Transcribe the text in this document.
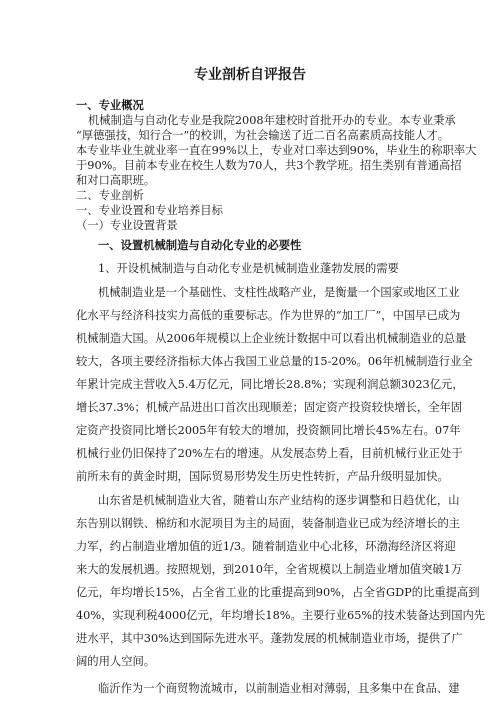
专业剖析自评报告
一、专业概况
机械制造与自动化专业是我院2008年建校时首批开办的专业。本专业秉承
“厚德强技，知行合一”的校训，为社会输送了近二百名高素质高技能人才。
本专业毕业生就业率一直在99%以上，专业对口率达到90%，毕业生的称职率大
于90%。目前本专业在校生人数为70人，共3个教学班。招生类别有普通高招
和对口高职班。
二、专业剖析
一、专业设置和专业培养目标
（一）专业设置背景
一、设置机械制造与自动化专业的必要性
1、开设机械制造与自动化专业是机械制造业蓬勃发展的需要
机械制造业是一个基础性、支柱性战略产业，是衡量一个国家或地区工业
化水平与经济科技实力高低的重要标志。作为世界的“加工厂”，中国早已成为
机械制造大国。从2006年规模以上企业统计数据中可以看出机械制造业的总量
较大，各项主要经济指标大体占我国工业总量的15-20%。06年机械制造行业全
年累计完成主营收入5.4万亿元，同比增长28.8%；实现利润总额3023亿元，
增长37.3%；机械产品进出口首次出现顺差；固定资产投资较快增长，全年固
定资产投资同比增长2005年有较大的增加，投资额同比增长45%左右。07年
机械行业仍旧保持了20%左右的增速。从发展态势上看，目前机械行业正处于
前所未有的黄金时期，国际贸易形势发生历史性转折，产品升级明显加快。
山东省是机械制造业大省，随着山东产业结构的逐步调整和日趋优化，山
东告别以钢铁、棉纺和水泥项目为主的局面，装备制造业已成为经济增长的主
力军，约占制造业增加值的近1/3。随着制造业中心北移，环渤海经济区将迎
来大的发展机遇。按照规划，到2010年，全省规模以上制造业增加值突破1万
亿元，年均增长15%，占全省工业的比重提高到90%，占全省GDP的比重提高到
40%，实现利税4000亿元，年均增长18%。主要行业65%的技术装备达到国内先
进水平，其中30%达到国际先进水平。蓬勃发展的机械制造业市场，提供了广
阔的用人空间。
临沂作为一个商贸物流城市，以前制造业相对薄弱，且多集中在食品、建
